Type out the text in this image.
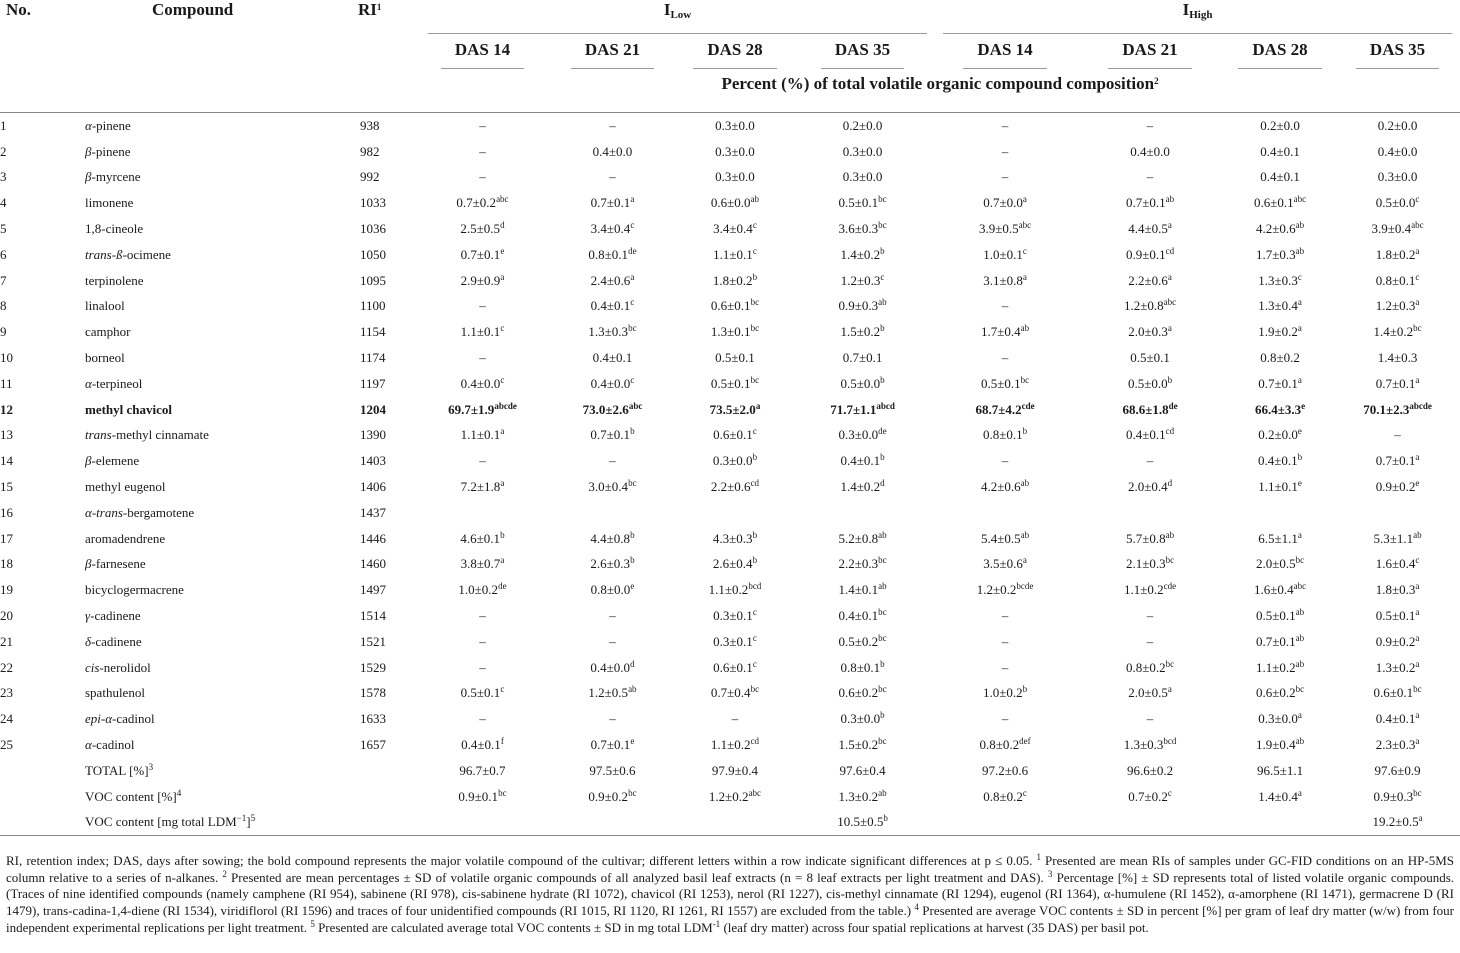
No.	Compound	$RI^1$	$I_{Low}$	$I_{High}$

			DAS 14	DAS 21	DAS 28	DAS 35	DAS 14	DAS 21	DAS 28	DAS 35
			Percent (%) of total volatile organic compound composition$^2$
1	α-pinene	938	–	–	0.3±0.0	0.2±0.0	–	–	0.2±0.0	0.2±0.0
2	β-pinene	982	–	0.4±0.0	0.3±0.0	0.3±0.0	–	0.4±0.0	0.4±0.1	0.4±0.0
3	β-myrcene	992	–	–	0.3±0.0	0.3±0.0	–	–	0.4±0.1	0.3±0.0
4	limonene	1033	0.7±0.2$^{abc}$	0.7±0.1$^a$	0.6±0.0$^{ab}$	0.5±0.1$^{bc}$	0.7±0.0$^a$	0.7±0.1$^{ab}$	0.6±0.1$^{abc}$	0.5±0.0$^c$
5	1,8-cineole	1036	2.5±0.5$^d$	3.4±0.4$^c$	3.4±0.4$^c$	3.6±0.3$^{bc}$	3.9±0.5$^{abc}$	4.4±0.5$^a$	4.2±0.6$^{ab}$	3.9±0.4$^{abc}$
6	trans-ß-ocimene	1050	0.7±0.1$^e$	0.8±0.1de	1.1±0.1$^c$	1.4±0.2$^b$	1.0±0.1$^c$	0.9±0.1$^{cd}$	1.7±0.3$^{ab}$	1.8±0.2$^a$
7	terpinolene	1095	2.9±0.9$^a$	2.4±0.6$^a$	1.8±0.2$^b$	1.2±0.3$^c$	3.1±0.8$^a$	2.2±0.6$^a$	1.3±0.3$^c$	0.8±0.1$^c$
8	linalool	1100	–	0.4±0.1$^c$	0.6±0.1$^{bc}$	0.9±0.3$^{ab}$	–	1.2±0.8$^{abc}$	1.3±0.4$^a$	1.2±0.3$^a$
9	camphor	1154	1.1±0.1$^c$	1.3±0.3$^{bc}$	1.3±0.1$^{bc}$	1.5±0.2$^b$	1.7±0.4$^{ab}$	2.0±0.3$^a$	1.9±0.2$^a$	1.4±0.2$^{bc}$
10	borneol	1174	–	0.4±0.1	0.5±0.1	0.7±0.1	–	0.5±0.1	0.8±0.2	1.4±0.3
11	α-terpineol	1197	0.4±0.0$^c$	0.4±0.0$^c$	0.5±0.1$^{bc}$	0.5±0.0$^b$	0.5±0.1$^{bc}$	0.5±0.0$^b$	0.7±0.1$^a$	0.7±0.1$^a$
12	methyl chavicol	1204	$69.7\pm 1.9^{abcde}$	73.0±2.6$^{abc}$	73.5±2.0$^a$	$71.7\pm 1.1^{abcd}$	68.7±4.2$^{cde}$	68.6±1.8de	66.4±3.3$^e$	$70.1\pm 2.3^{abcde}$
13	trans-methyl cinnamate	1390	1.1±0.1$^a$	0.7±0.1$^b$	0.6±0.1$^c$	0.3±0.0de	0.8±0.1$^b$	0.4±0.1$^{cd}$	0.2±0.0$^e$	–
14	β-elemene	1403	–	–	0.3±0.0$^b$	0.4±0.1$^b$	–	–	0.4±0.1$^b$	0.7±0.1$^a$
15	methyl eugenol	1406	7.2±1.8$^a$	3.0±0.4$^{bc}$	2.2±0.6$^{cd}$	1.4±0.2$^d$	4.2±0.6$^{ab}$	2.0±0.4$^d$	1.1±0.1$^e$	0.9±0.2$^e$
16	α-trans-bergamotene	1437								
17	aromadendrene	1446	4.6±0.1$^b$	4.4±0.8$^b$	4.3±0.3$^b$	5.2±0.8$^{ab}$	5.4±0.5$^{ab}$	5.7±0.8$^{ab}$	6.5±1.1$^a$	5.3±1.1$^{ab}$
18	β-farnesene	1460	3.8±0.7$^a$	2.6±0.3$^b$	2.6±0.4$^b$	2.2±0.3$^{bc}$	3.5±0.6$^a$	2.1±0.3$^{bc}$	2.0±0.5$^{bc}$	1.6±0.4$^c$
19	bicyclogermacrene	1497	1.0±0.2de	0.8±0.0$^e$	1.1±0.2$^{bcd}$	1.4±0.1$^{ab}$	$1.2\pm 0.2^{bcde}$	1.1±0.2$^{cde}$	1.6±0.4$^{abc}$	1.8±0.3$^a$
20	γ-cadinene	1514	–	–	0.3±0.1$^c$	0.4±0.1$^{bc}$	–	–	0.5±0.1$^{ab}$	0.5±0.1$^a$
21	δ-cadinene	1521	–	–	0.3±0.1$^c$	0.5±0.2$^{bc}$	–	–	0.7±0.1$^{ab}$	0.9±0.2$^a$
22	cis-nerolidol	1529	–	0.4±0.0$^d$	0.6±0.1$^c$	0.8±0.1$^b$	–	0.8±0.2$^{bc}$	1.1±0.2$^{ab}$	1.3±0.2$^a$
23	spathulenol	1578	0.5±0.1$^c$	1.2±0.5$^{ab}$	0.7±0.4$^{bc}$	0.6±0.2$^{bc}$	1.0±0.2$^b$	2.0±0.5$^a$	0.6±0.2$^{bc}$	0.6±0.1$^{bc}$
24	epi-α-cadinol	1633	–	–	–	0.3±0.0$^b$	–	–	0.3±0.0$^a$	0.4±0.1$^a$
25	α-cadinol	1657	0.4±0.1$^f$	0.7±0.1$^e$	1.1±0.2$^{cd}$	1.5±0.2$^{bc}$	0.8±0.2$^{def}$	1.3±0.3$^{bcd}$	1.9±0.4$^{ab}$	2.3±0.3$^a$
	TOTAL [%]$^3$	96.7±0.7	97.5±0.6	97.9±0.4	97.6±0.4	97.2±0.6	96.6±0.2	96.5±1.1	97.6±0.9
	VOC content [%]$^4$	0.9±0.1$^{bc}$	0.9±0.2$^{bc}$	1.2±0.2$^{abc}$	1.3±0.2$^{ab}$	0.8±0.2$^c$	0.7±0.2$^c$	1.4±0.4$^a$	0.9±0.3$^{bc}$
	VOC content [mg total $LDM^{-1}]^5$				10.5±0.5$^b$				19.2±0.5$^a$
RI, retention index; DAS, days after sowing; the bold compound represents the major volatile compound of the cultivar; different letters within a row indicate significant differences at p ≤ 0.05. $^1$ Presented are mean RIs of samples under GC-FID conditions on an HP-5MS column relative to a series of n-alkanes. $^2$ Presented are mean percentages ± SD of volatile organic compounds of all analyzed basil leaf extracts (n = 8 leaf extracts per light treatment and DAS). $^3$ Percentage [%] ± SD represents total of listed volatile organic compounds. (Traces of nine identified compounds (namely camphene (RI 954), sabinene (RI 978), cis-sabinene hydrate (RI 1072), chavicol (RI 1253), nerol (RI 1227), cis-methyl cinnamate (RI 1294), eugenol (RI 1364), α-humulene (RI 1452), α-amorphene (RI 1471), germacrene D (RI 1479), trans-cadina-1,4-diene (RI 1534), viridiflorol (RI 1596) and traces of four unidentified compounds (RI 1015, RI 1120, RI 1261, RI 1557) are excluded from the table.) $^4$ Presented are average VOC contents ± SD in percent [%] per gram of leaf dry matter (w/w) from four independent experimental replications per light treatment. $^5$ Presented are calculated average total VOC contents ± SD in mg total $LDM^{-1}$ (leaf dry matter) across four spatial replications at harvest (35 DAS) per basil pot.
